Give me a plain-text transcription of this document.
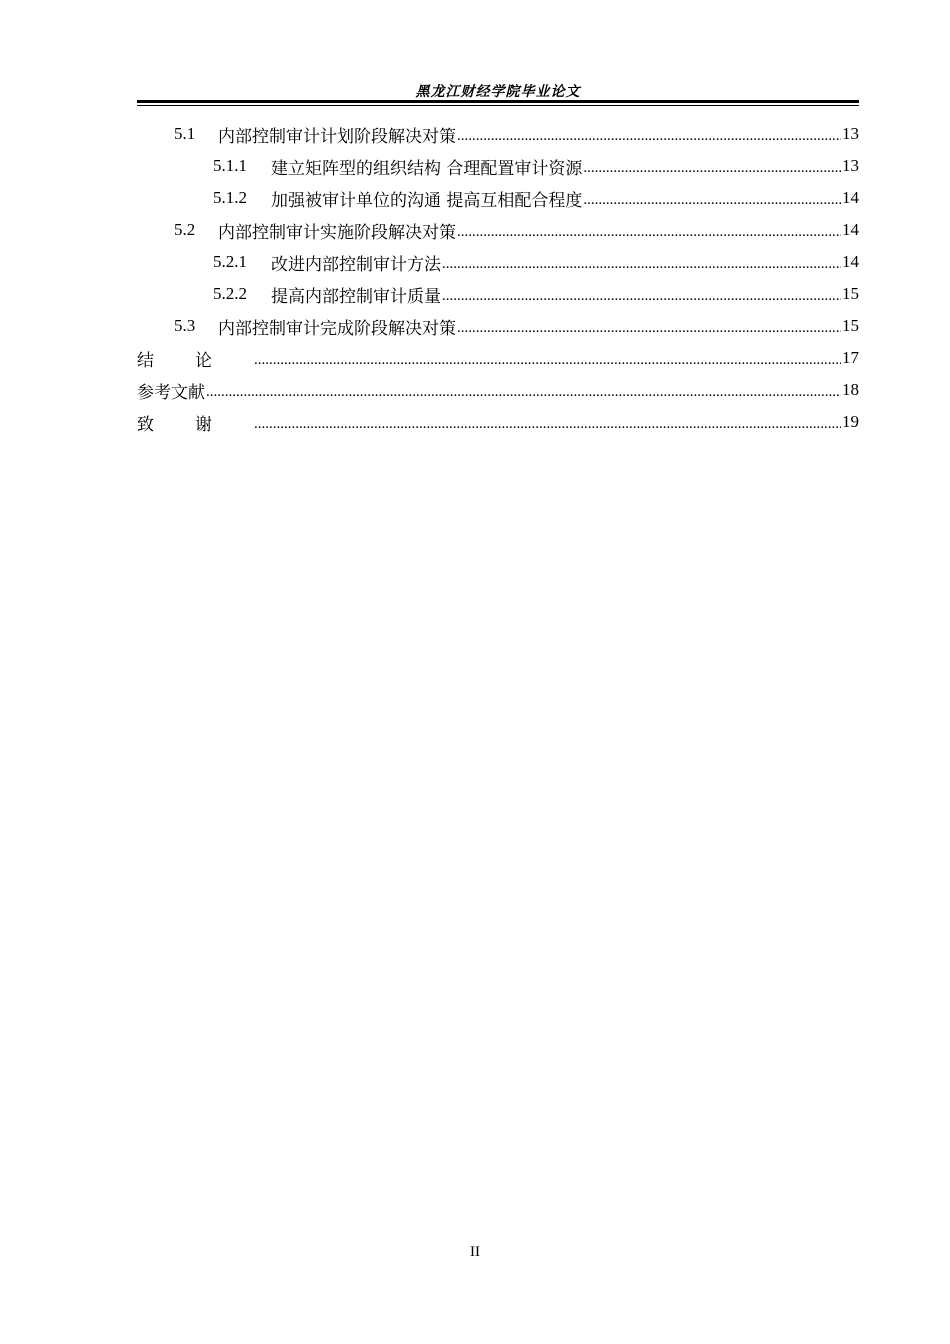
黑龙江财经学院毕业论文
5.1	内部控制审计计划阶段解决对策 .....	13
5.1.1	建立矩阵型的组织结构 合理配置审计资源 .....	13
5.1.2	加强被审计单位的沟通 提高互相配合程度 .....	14
5.2	内部控制审计实施阶段解决对策 .....	14
5.2.1	改进内部控制审计方法 .....	14
5.2.2	提高内部控制审计质量 .....	15
5.3	内部控制审计完成阶段解决对策 .....	15
结论 .....	17
参考文献 .....	18
致谢 .....	19
II
